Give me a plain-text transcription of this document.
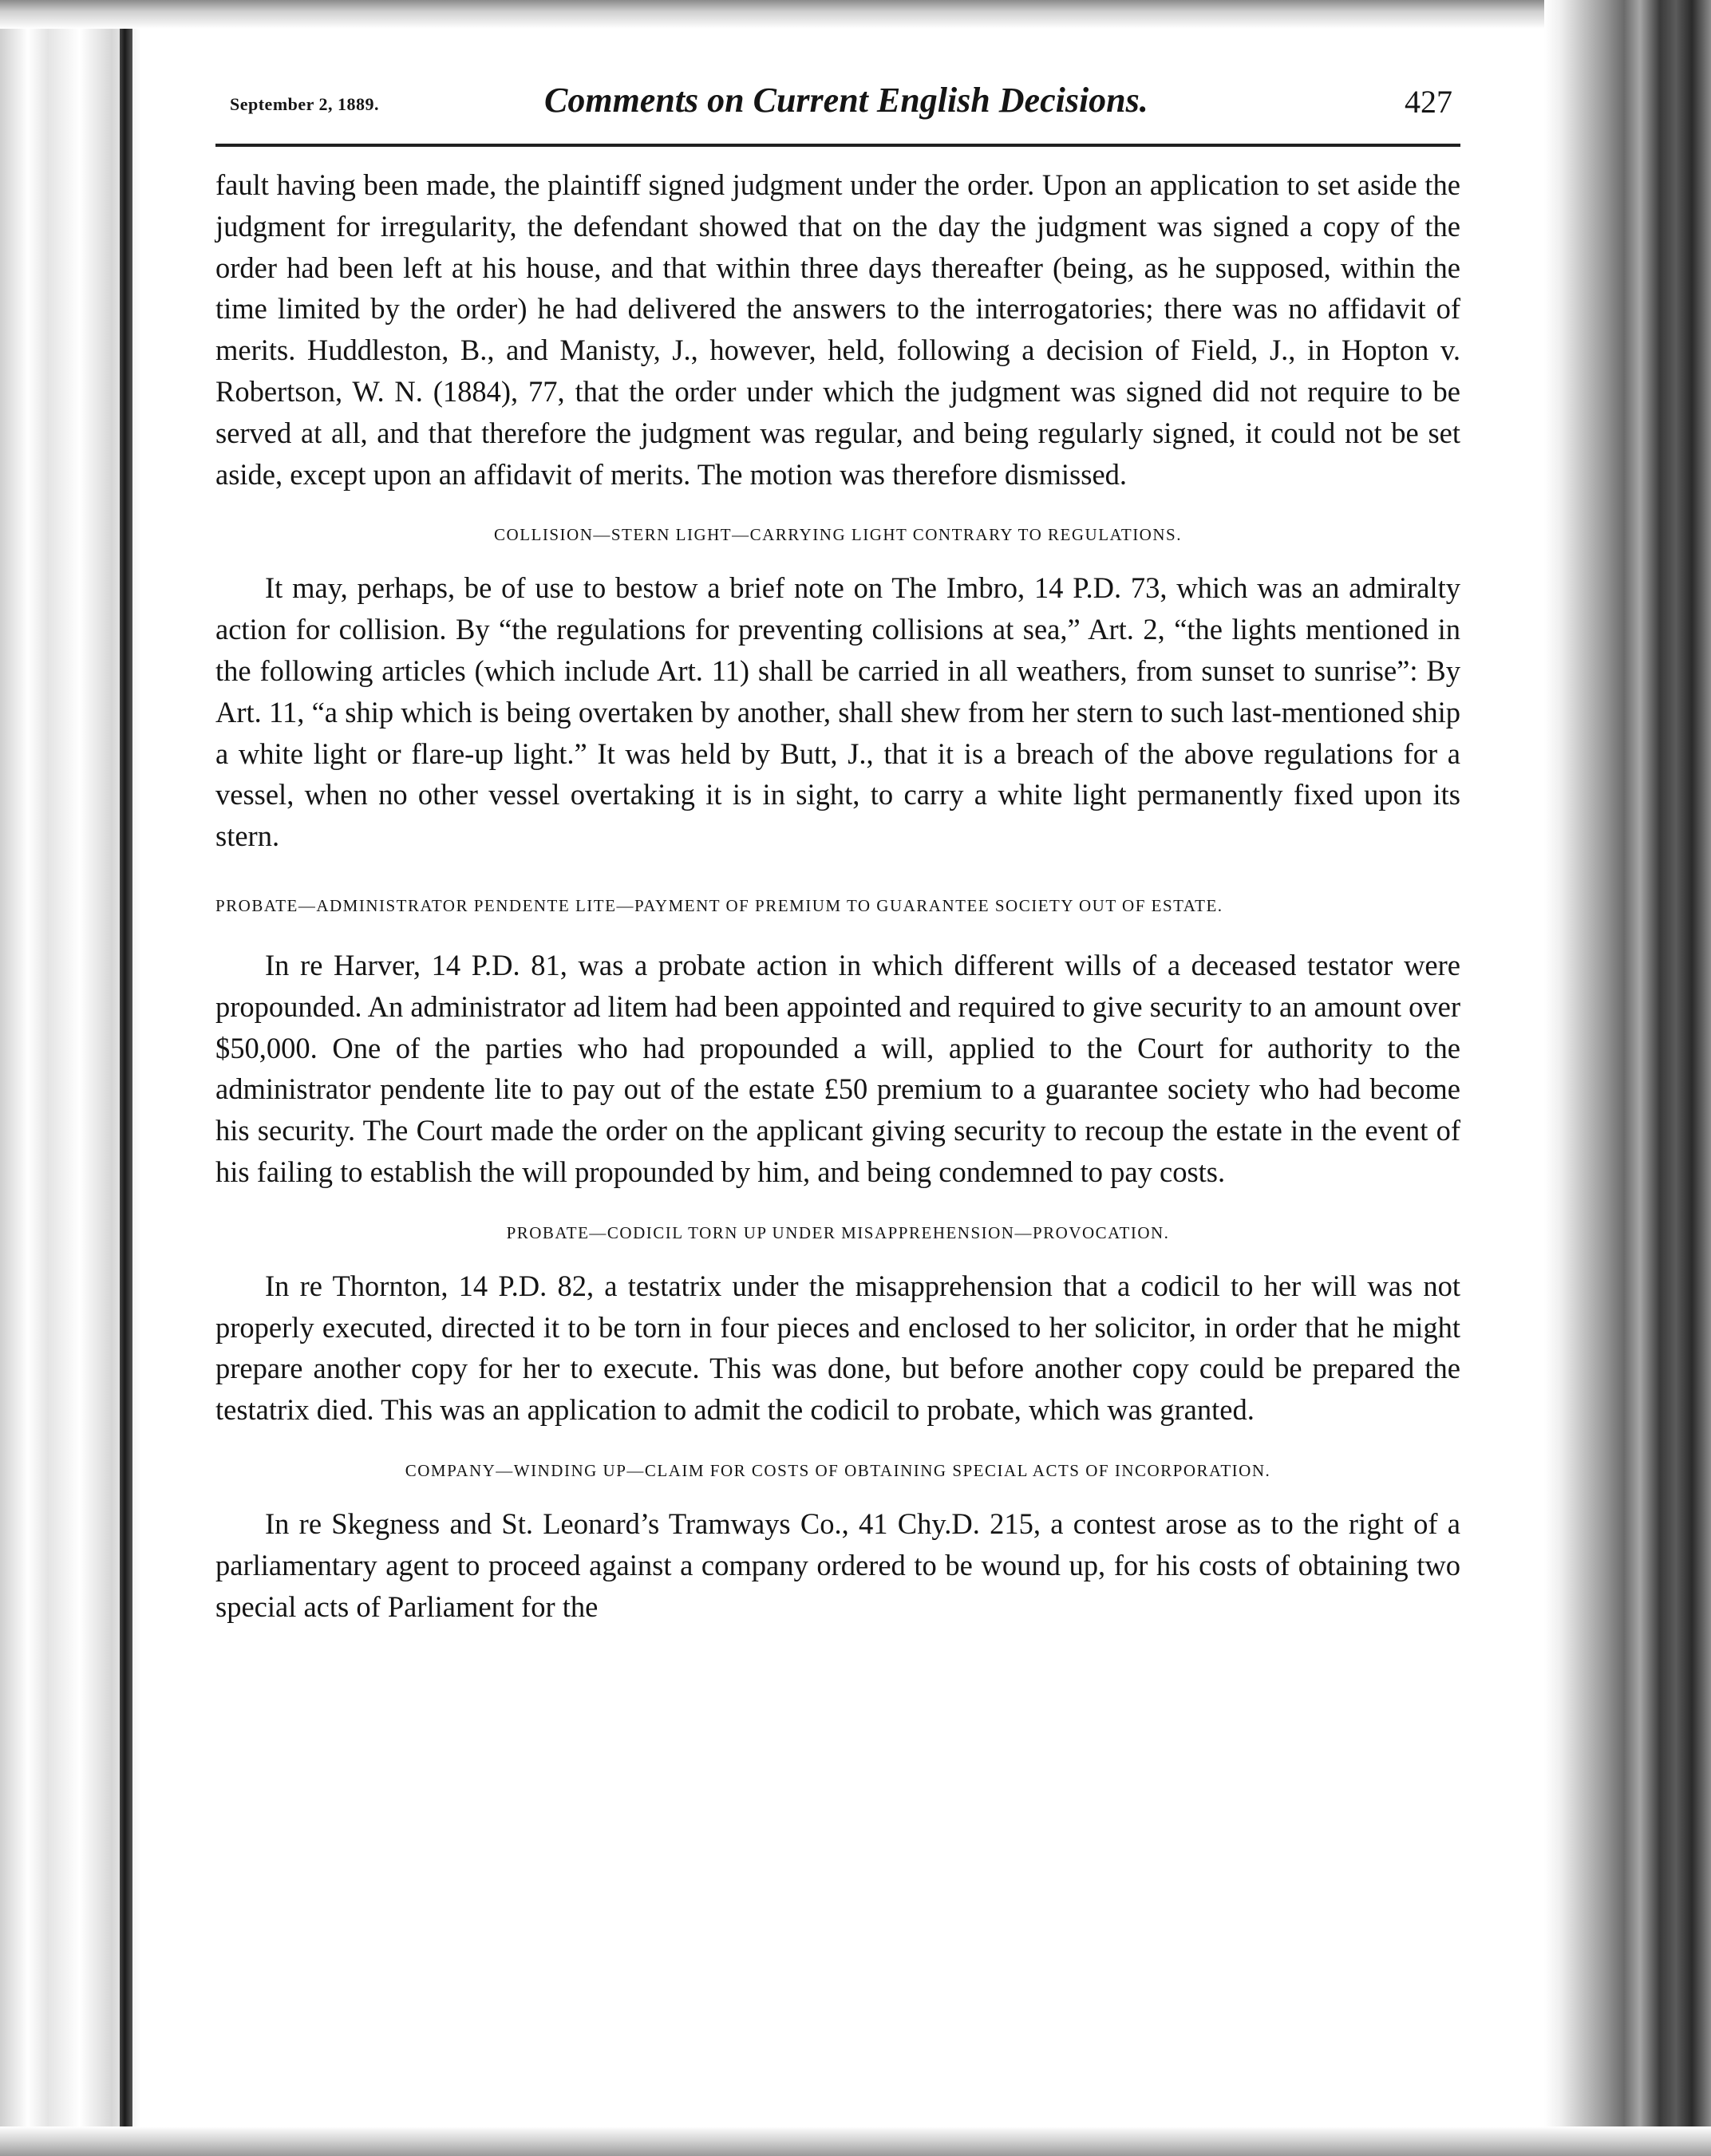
September 2, 1889.	Comments on Current English Decisions.	427

fault having been made, the plaintiff signed judgment under the order. Upon an application to set aside the judgment for irregularity, the defendant showed that on the day the judgment was signed a copy of the order had been left at his house, and that within three days thereafter (being, as he supposed, within the time limited by the order) he had delivered the answers to the interrogatories; there was no affidavit of merits. Huddleston, B., and Manisty, J., however, held, following a decision of Field, J., in Hopton v. Robertson, W. N. (1884), 77, that the order under which the judgment was signed did not require to be served at all, and that therefore the judgment was regular, and being regularly signed, it could not be set aside, except upon an affidavit of merits. The motion was therefore dismissed.

COLLISION—STERN LIGHT—CARRYING LIGHT CONTRARY TO REGULATIONS.

It may, perhaps, be of use to bestow a brief note on The Imbro, 14 P.D. 73, which was an admiralty action for collision. By “the regulations for preventing collisions at sea,” Art. 2, “the lights mentioned in the following articles (which include Art. 11) shall be carried in all weathers, from sunset to sunrise”: By Art. 11, “a ship which is being overtaken by another, shall shew from her stern to such last-mentioned ship a white light or flare-up light.” It was held by Butt, J., that it is a breach of the above regulations for a vessel, when no other vessel overtaking it is in sight, to carry a white light permanently fixed upon its stern.

PROBATE—ADMINISTRATOR PENDENTE LITE—PAYMENT OF PREMIUM TO GUARANTEE SOCIETY OUT OF ESTATE.

In re Harver, 14 P.D. 81, was a probate action in which different wills of a deceased testator were propounded. An administrator ad litem had been appointed and required to give security to an amount over $50,000. One of the parties who had propounded a will, applied to the Court for authority to the administrator pendente lite to pay out of the estate £50 premium to a guarantee society who had become his security. The Court made the order on the applicant giving security to recoup the estate in the event of his failing to establish the will propounded by him, and being condemned to pay costs.

PROBATE—CODICIL TORN UP UNDER MISAPPREHENSION—PROVOCATION.

In re Thornton, 14 P.D. 82, a testatrix under the misapprehension that a codicil to her will was not properly executed, directed it to be torn in four pieces and enclosed to her solicitor, in order that he might prepare another copy for her to execute. This was done, but before another copy could be prepared the testatrix died. This was an application to admit the codicil to probate, which was granted.

COMPANY—WINDING UP—CLAIM FOR COSTS OF OBTAINING SPECIAL ACTS OF INCORPORATION.

In re Skegness and St. Leonard’s Tramways Co., 41 Chy.D. 215, a contest arose as to the right of a parliamentary agent to proceed against a company ordered to be wound up, for his costs of obtaining two special acts of Parliament for the
